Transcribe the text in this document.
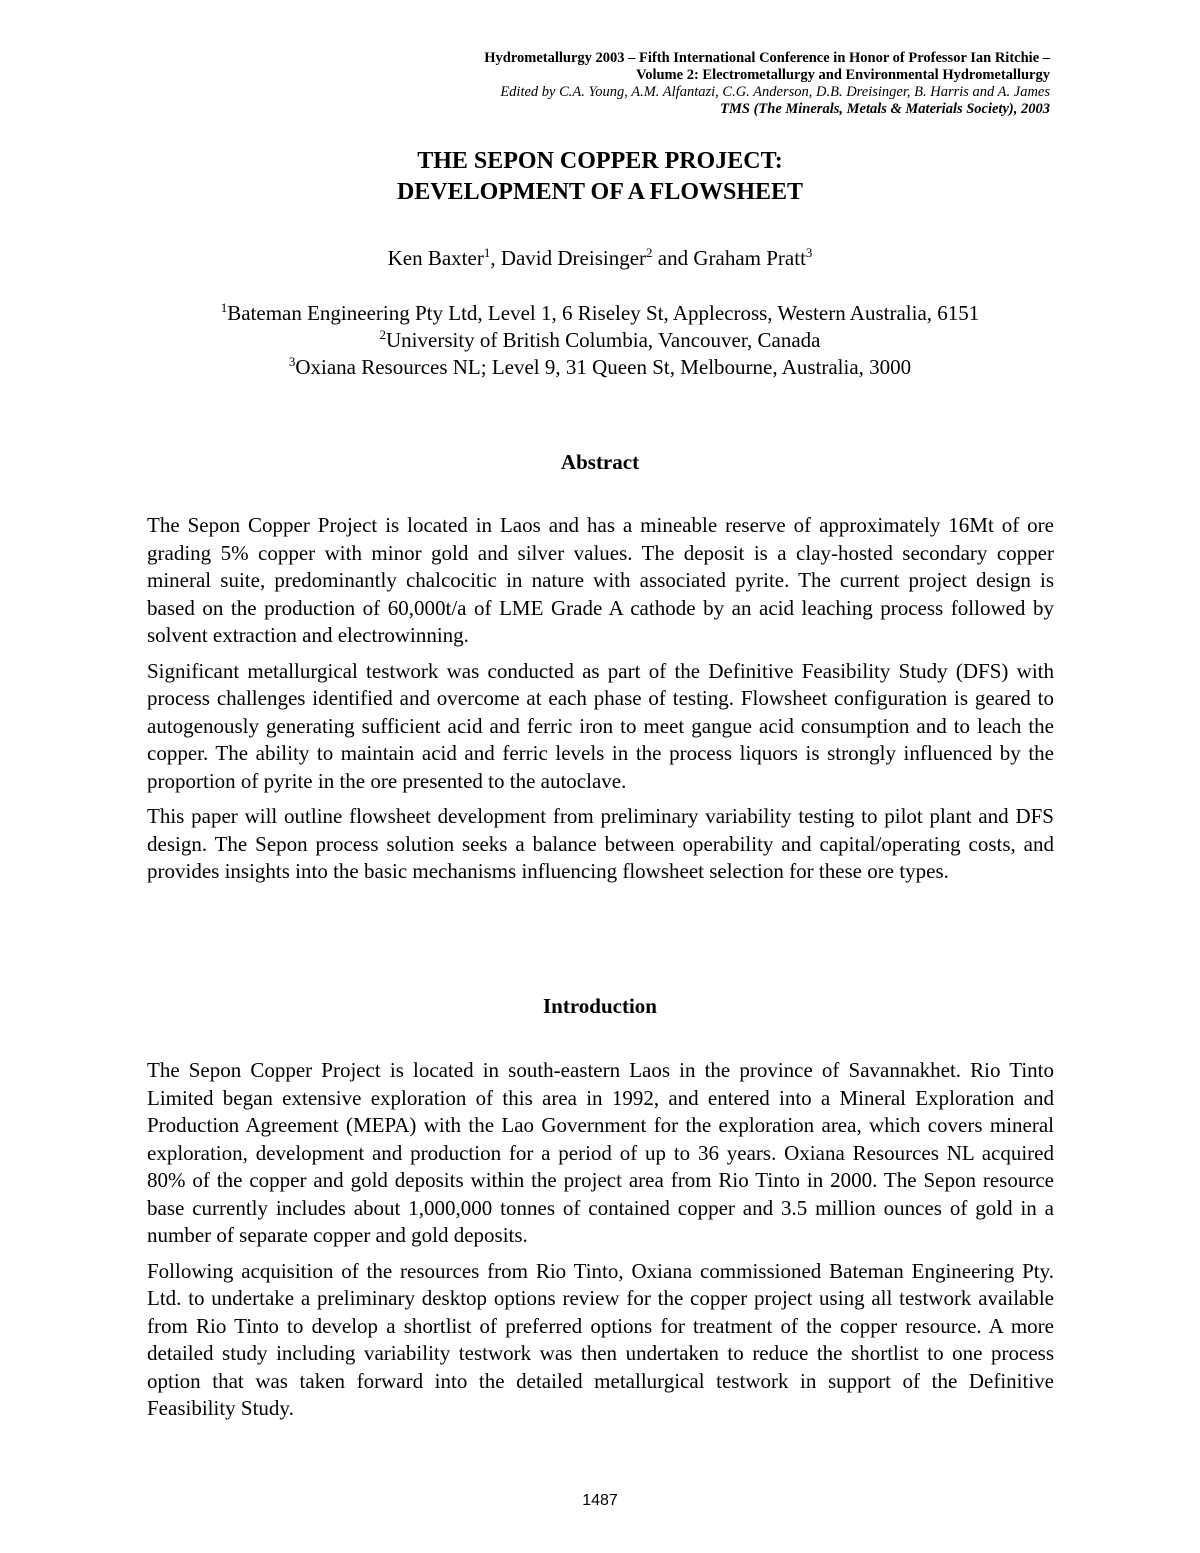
Hydrometallurgy 2003 – Fifth International Conference in Honor of Professor Ian Ritchie –
Volume 2: Electrometallurgy and Environmental Hydrometallurgy
Edited by C.A. Young, A.M. Alfantazi, C.G. Anderson, D.B. Dreisinger, B. Harris and A. James
TMS (The Minerals, Metals & Materials Society), 2003
THE SEPON COPPER PROJECT:
DEVELOPMENT OF A FLOWSHEET
Ken Baxter$^1$, David Dreisinger$^2$ and Graham Pratt$^3$
$^1$Bateman Engineering Pty Ltd, Level 1, 6 Riseley St, Applecross, Western Australia, 6151
$^2$University of British Columbia, Vancouver, Canada
$^3$Oxiana Resources NL; Level 9, 31 Queen St, Melbourne, Australia, 3000
Abstract

The Sepon Copper Project is located in Laos and has a mineable reserve of approximately 16Mt of ore grading 5% copper with minor gold and silver values. The deposit is a clay-hosted secondary copper mineral suite, predominantly chalcocitic in nature with associated pyrite. The current project design is based on the production of 60,000t/a of LME Grade A cathode by an acid leaching process followed by solvent extraction and electrowinning.

Significant metallurgical testwork was conducted as part of the Definitive Feasibility Study (DFS) with process challenges identified and overcome at each phase of testing. Flowsheet configuration is geared to autogenously generating sufficient acid and ferric iron to meet gangue acid consumption and to leach the copper. The ability to maintain acid and ferric levels in the process liquors is strongly influenced by the proportion of pyrite in the ore presented to the autoclave.

This paper will outline flowsheet development from preliminary variability testing to pilot plant and DFS design. The Sepon process solution seeks a balance between operability and capital/operating costs, and provides insights into the basic mechanisms influencing flowsheet selection for these ore types.

Introduction

The Sepon Copper Project is located in south-eastern Laos in the province of Savannakhet. Rio Tinto Limited began extensive exploration of this area in 1992, and entered into a Mineral Exploration and Production Agreement (MEPA) with the Lao Government for the exploration area, which covers mineral exploration, development and production for a period of up to 36 years. Oxiana Resources NL acquired 80% of the copper and gold deposits within the project area from Rio Tinto in 2000. The Sepon resource base currently includes about 1,000,000 tonnes of contained copper and 3.5 million ounces of gold in a number of separate copper and gold deposits.

Following acquisition of the resources from Rio Tinto, Oxiana commissioned Bateman Engineering Pty. Ltd. to undertake a preliminary desktop options review for the copper project using all testwork available from Rio Tinto to develop a shortlist of preferred options for treatment of the copper resource. A more detailed study including variability testwork was then undertaken to reduce the shortlist to one process option that was taken forward into the detailed metallurgical testwork in support of the Definitive Feasibility Study.

1487
